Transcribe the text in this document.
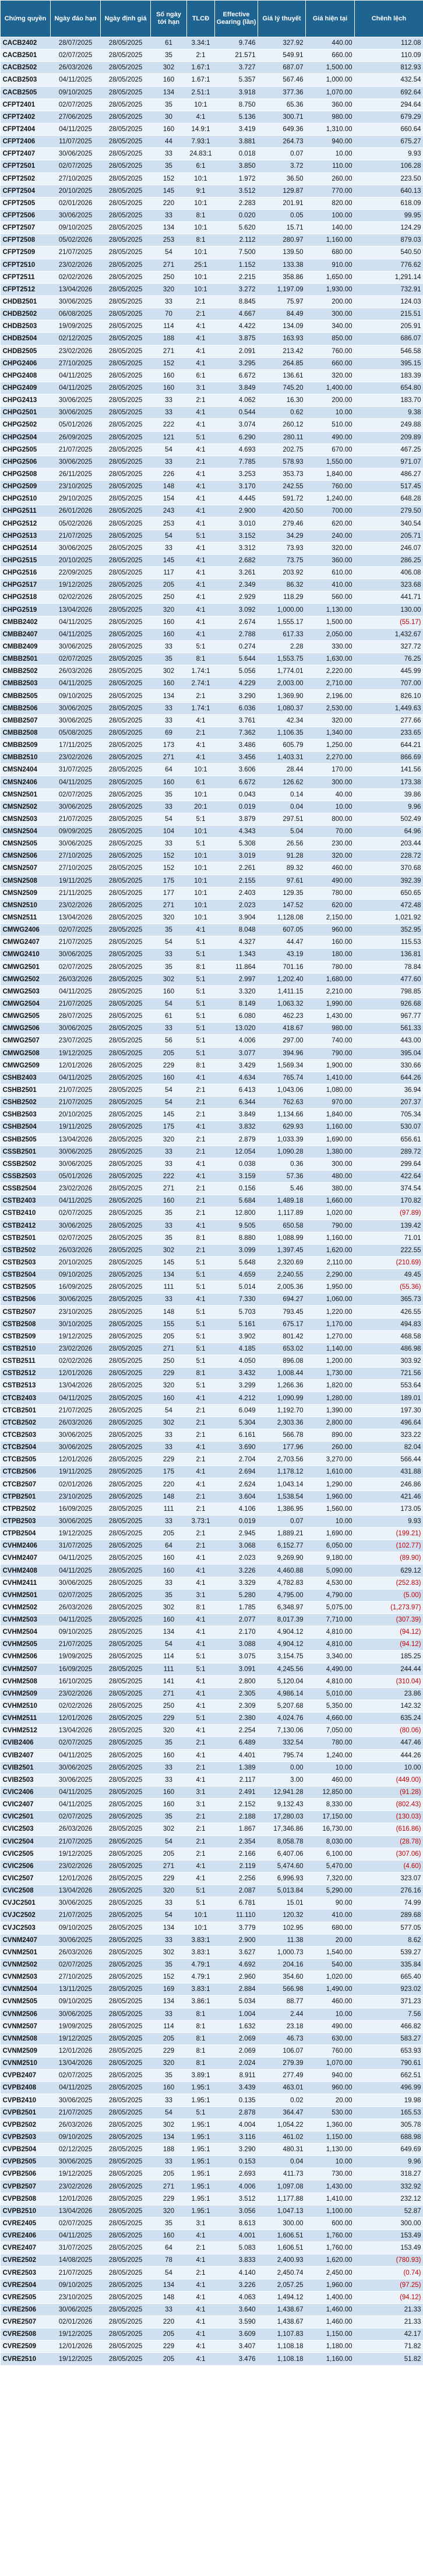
Chứng quyền	Ngày đáo hạn	Ngày định giá	Số ngày tới hạn	TLCĐ	Effective Gearing (lần)	Giá lý thuyết	Giá hiện tại	Chênh lệch
CACB2402	28/07/2025	28/05/2025	61	3.34:1	9.746	327.92	440.00	112.08
CACB2501	02/07/2025	28/05/2025	35	2:1	21.571	549.91	660.00	110.09
CACB2502	26/03/2026	28/05/2025	302	1.67:1	3.727	687.07	1,500.00	812.93
CACB2503	04/11/2025	28/05/2025	160	1.67:1	5.357	567.46	1,000.00	432.54
CACB2505	09/10/2025	28/05/2025	134	2.51:1	3.918	377.36	1,070.00	692.64
CFPT2401	02/07/2025	28/05/2025	35	10:1	8.750	65.36	360.00	294.64
CFPT2402	27/06/2025	28/05/2025	30	4:1	5.136	300.71	980.00	679.29
CFPT2404	04/11/2025	28/05/2025	160	14.9:1	3.419	649.36	1,310.00	660.64
CFPT2406	11/07/2025	28/05/2025	44	7.93:1	3.881	264.73	940.00	675.27
CFPT2407	30/06/2025	28/05/2025	33	24.83:1	0.018	0.07	10.00	9.93
CFPT2501	02/07/2025	28/05/2025	35	6:1	3.850	3.72	110.00	106.28
CFPT2502	27/10/2025	28/05/2025	152	10:1	1.972	36.50	260.00	223.50
CFPT2504	20/10/2025	28/05/2025	145	9:1	3.512	129.87	770.00	640.13
CFPT2505	02/01/2026	28/05/2025	220	10:1	2.283	201.91	820.00	618.09
CFPT2506	30/06/2025	28/05/2025	33	8:1	0.020	0.05	100.00	99.95
CFPT2507	09/10/2025	28/05/2025	134	10:1	5.620	15.71	140.00	124.29
CFPT2508	05/02/2026	28/05/2025	253	8:1	2.112	280.97	1,160.00	879.03
CFPT2509	21/07/2025	28/05/2025	54	10:1	7.500	139.50	680.00	540.50
CFPT2510	23/02/2026	28/05/2025	271	25:1	1.152	133.38	910.00	776.62
CFPT2511	02/02/2026	28/05/2025	250	10:1	2.215	358.86	1,650.00	1,291.14
CFPT2512	13/04/2026	28/05/2025	320	10:1	3.272	1,197.09	1,930.00	732.91
CHDB2501	30/06/2025	28/05/2025	33	2:1	8.845	75.97	200.00	124.03
CHDB2502	06/08/2025	28/05/2025	70	2:1	4.667	84.49	300.00	215.51
CHDB2503	19/09/2025	28/05/2025	114	4:1	4.422	134.09	340.00	205.91
CHDB2504	02/12/2025	28/05/2025	188	4:1	3.875	163.93	850.00	686.07
CHDB2505	23/02/2026	28/05/2025	271	4:1	2.091	213.42	760.00	546.58
CHPG2406	27/10/2025	28/05/2025	152	4:1	3.295	264.85	660.00	395.15
CHPG2408	04/11/2025	28/05/2025	160	6:1	6.672	136.61	320.00	183.39
CHPG2409	04/11/2025	28/05/2025	160	3:1	3.849	745.20	1,400.00	654.80
CHPG2413	30/06/2025	28/05/2025	33	2:1	4.062	16.30	200.00	183.70
CHPG2501	30/06/2025	28/05/2025	33	4:1	0.544	0.62	10.00	9.38
CHPG2502	05/01/2026	28/05/2025	222	4:1	3.074	260.12	510.00	249.88
CHPG2504	26/09/2025	28/05/2025	121	5:1	6.290	280.11	490.00	209.89
CHPG2505	21/07/2025	28/05/2025	54	4:1	4.693	202.75	670.00	467.25
CHPG2506	30/06/2025	28/05/2025	33	2:1	7.785	578.93	1,550.00	971.07
CHPG2508	26/11/2025	28/05/2025	226	4:1	3.253	353.73	1,840.00	486.27
CHPG2509	23/10/2025	28/05/2025	148	4:1	3.170	242.55	760.00	517.45
CHPG2510	29/10/2025	28/05/2025	154	4:1	4.445	591.72	1,240.00	648.28
CHPG2511	26/01/2026	28/05/2025	243	4:1	2.900	420.50	700.00	279.50
CHPG2512	05/02/2026	28/05/2025	253	4:1	3.010	279.46	620.00	340.54
CHPG2513	21/07/2025	28/05/2025	54	5:1	3.152	34.29	240.00	205.71
CHPG2514	30/06/2025	28/05/2025	33	4:1	3.312	73.93	320.00	246.07
CHPG2515	20/10/2025	28/05/2025	145	4:1	2.682	73.75	360.00	286.25
CHPG2516	22/09/2025	28/05/2025	117	4:1	3.261	203.92	610.00	406.08
CHPG2517	19/12/2025	28/05/2025	205	4:1	2.349	86.32	410.00	323.68
CHPG2518	02/02/2026	28/05/2025	250	4:1	2.929	118.29	560.00	441.71
CHPG2519	13/04/2026	28/05/2025	320	4:1	3.092	1,000.00	1,130.00	130.00
CMBB2402	04/11/2025	28/05/2025	160	4:1	2.674	1,555.17	1,500.00	(55.17)
CMBB2407	04/11/2025	28/05/2025	160	4:1	2.788	617.33	2,050.00	1,432.67
CMBB2409	30/06/2025	28/05/2025	33	5:1	0.274	2.28	330.00	327.72
CMBB2501	02/07/2025	28/05/2025	35	8:1	5.644	1,553.75	1,630.00	76.25
CMBB2502	26/03/2026	28/05/2025	302	1.74:1	5.056	1,774.01	2,220.00	445.99
CMBB2503	04/11/2025	28/05/2025	160	2.74:1	4.229	2,003.00	2,710.00	707.00
CMBB2505	09/10/2025	28/05/2025	134	2:1	3.290	1,369.90	2,196.00	826.10
CMBB2506	30/06/2025	28/05/2025	33	1.74:1	6.036	1,080.37	2,530.00	1,449.63
CMBB2507	30/06/2025	28/05/2025	33	4:1	3.761	42.34	320.00	277.66
CMBB2508	05/08/2025	28/05/2025	69	2:1	7.362	1,106.35	1,340.00	233.65
CMBB2509	17/11/2025	28/05/2025	173	4:1	3.486	605.79	1,250.00	644.21
CMBB2510	23/02/2026	28/05/2025	271	4:1	3.456	1,403.31	2,270.00	866.69
CMSN2404	31/07/2025	28/05/2025	64	10:1	3.606	28.44	170.00	141.56
CMSN2406	04/11/2025	28/05/2025	160	6:1	6.672	126.62	300.00	173.38
CMSN2501	02/07/2025	28/05/2025	35	10:1	0.043	0.14	40.00	39.86
CMSN2502	30/06/2025	28/05/2025	33	20:1	0.019	0.04	10.00	9.96
CMSN2503	21/07/2025	28/05/2025	54	5:1	3.879	297.51	800.00	502.49
CMSN2504	09/09/2025	28/05/2025	104	10:1	4.343	5.04	70.00	64.96
CMSN2505	30/06/2025	28/05/2025	33	5:1	5.308	26.56	230.00	203.44
CMSN2506	27/10/2025	28/05/2025	152	10:1	3.019	91.28	320.00	228.72
CMSN2507	27/10/2025	28/05/2025	152	10:1	2.261	89.32	460.00	370.68
CMSN2508	19/11/2025	28/05/2025	175	10:1	2.155	97.61	490.00	392.39
CMSN2509	21/11/2025	28/05/2025	177	10:1	2.403	129.35	780.00	650.65
CMSN2510	23/02/2026	28/05/2025	271	10:1	2.023	147.52	620.00	472.48
CMSN2511	13/04/2026	28/05/2025	320	10:1	3.904	1,128.08	2,150.00	1,021.92
CMWG2406	02/07/2025	28/05/2025	35	4:1	8.048	607.05	960.00	352.95
CMWG2407	21/07/2025	28/05/2025	54	5:1	4.327	44.47	160.00	115.53
CMWG2410	30/06/2025	28/05/2025	33	5:1	1.343	43.19	180.00	136.81
CMWG2501	02/07/2025	28/05/2025	35	8:1	11.864	701.16	780.00	78.84
CMWG2502	26/03/2026	28/05/2025	302	5:1	2.997	1,202.40	1,680.00	477.60
CMWG2503	04/11/2025	28/05/2025	160	5:1	3.320	1,411.15	2,210.00	798.85
CMWG2504	21/07/2025	28/05/2025	54	5:1	8.149	1,063.32	1,990.00	926.68
CMWG2505	28/07/2025	28/05/2025	61	5:1	6.080	462.23	1,430.00	967.77
CMWG2506	30/06/2025	28/05/2025	33	5:1	13.020	418.67	980.00	561.33
CMWG2507	23/07/2025	28/05/2025	56	5:1	4.006	297.00	740.00	443.00
CMWG2508	19/12/2025	28/05/2025	205	5:1	3.077	394.96	790.00	395.04
CMWG2509	12/01/2026	28/05/2025	229	8:1	3.429	1,569.34	1,900.00	330.66
CSHB2403	04/11/2025	28/05/2025	160	4:1	4.634	765.74	1,410.00	644.26
CSHB2501	21/07/2025	28/05/2025	54	2:1	6.413	1,043.06	1,080.00	36.94
CSHB2502	21/07/2025	28/05/2025	54	2:1	6.344	762.63	970.00	207.37
CSHB2503	20/10/2025	28/05/2025	145	2:1	3.849	1,134.66	1,840.00	705.34
CSHB2504	19/11/2025	28/05/2025	175	4:1	3.832	629.93	1,160.00	530.07
CSHB2505	13/04/2026	28/05/2025	320	2:1	2.879	1,033.39	1,690.00	656.61
CSSB2501	30/06/2025	28/05/2025	33	2:1	12.054	1,090.28	1,380.00	289.72
CSSB2502	30/06/2025	28/05/2025	33	4:1	0.038	0.36	300.00	299.64
CSSB2503	05/01/2026	28/05/2025	222	4:1	3.159	57.36	480.00	422.64
CSSB2504	23/02/2026	28/05/2025	271	2:1	0.156	5.46	380.00	374.54
CSTB2403	04/11/2025	28/05/2025	160	2:1	5.684	1,489.18	1,660.00	170.82
CSTB2410	02/07/2025	28/05/2025	35	2:1	12.800	1,117.89	1,020.00	(97.89)
CSTB2412	30/06/2025	28/05/2025	33	4:1	9.505	650.58	790.00	139.42
CSTB2501	02/07/2025	28/05/2025	35	8:1	8.880	1,088.99	1,160.00	71.01
CSTB2502	26/03/2026	28/05/2025	302	2:1	3.099	1,397.45	1,620.00	222.55
CSTB2503	20/10/2025	28/05/2025	145	5:1	5.648	2,320.69	2,110.00	(210.69)
CSTB2504	09/10/2025	28/05/2025	134	5:1	4.659	2,240.55	2,290.00	49.45
CSTB2505	16/09/2025	28/05/2025	111	5:1	5.014	2,005.36	1,950.00	(55.36)
CSTB2506	30/06/2025	28/05/2025	33	4:1	7.330	694.27	1,060.00	365.73
CSTB2507	23/10/2025	28/05/2025	148	5:1	5.703	793.45	1,220.00	426.55
CSTB2508	30/10/2025	28/05/2025	155	5:1	5.161	675.17	1,170.00	494.83
CSTB2509	19/12/2025	28/05/2025	205	5:1	3.902	801.42	1,270.00	468.58
CSTB2510	23/02/2026	28/05/2025	271	5:1	4.185	653.02	1,140.00	486.98
CSTB2511	02/02/2026	28/05/2025	250	5:1	4.050	896.08	1,200.00	303.92
CSTB2512	12/01/2026	28/05/2025	229	8:1	3.432	1,008.44	1,730.00	721.56
CSTB2513	13/04/2026	28/05/2025	320	5:1	3.299	1,266.36	1,820.00	553.64
CTCB2403	04/11/2025	28/05/2025	160	4:1	4.212	1,090.99	1,280.00	189.01
CTCB2501	21/07/2025	28/05/2025	54	2:1	6.049	1,192.70	1,390.00	197.30
CTCB2502	26/03/2026	28/05/2025	302	2:1	5.304	2,303.36	2,800.00	496.64
CTCB2503	30/06/2025	28/05/2025	33	2:1	6.161	566.78	890.00	323.22
CTCB2504	30/06/2025	28/05/2025	33	4:1	3.690	177.96	260.00	82.04
CTCB2505	12/01/2026	28/05/2025	229	2:1	2.704	2,703.56	3,270.00	566.44
CTCB2506	19/11/2025	28/05/2025	175	4:1	2.694	1,178.12	1,610.00	431.88
CTCB2507	02/01/2026	28/05/2025	220	4:1	2.624	1,043.14	1,290.00	246.86
CTPB2501	23/10/2025	28/05/2025	148	2:1	3.604	1,538.54	1,960.00	421.46
CTPB2502	16/09/2025	28/05/2025	111	2:1	4.106	1,386.95	1,560.00	173.05
CTPB2503	30/06/2025	28/05/2025	33	3.73:1	0.019	0.07	10.00	9.93
CTPB2504	19/12/2025	28/05/2025	205	2:1	2.945	1,889.21	1,690.00	(199.21)
CVHM2406	31/07/2025	28/05/2025	64	2:1	3.068	6,152.77	6,050.00	(102.77)
CVHM2407	04/11/2025	28/05/2025	160	4:1	2.023	9,269.90	9,180.00	(89.90)
CVHM2408	04/11/2025	28/05/2025	160	4:1	3.226	4,460.88	5,090.00	629.12
CVHM2411	30/06/2025	28/05/2025	33	4:1	3.329	4,782.83	4,530.00	(252.83)
CVHM2501	02/07/2025	28/05/2025	35	3:1	5.280	4,795.00	4,790.00	(5.00)
CVHM2502	26/03/2026	28/05/2025	302	8:1	1.785	6,348.97	5,075.00	(1,273.97)
CVHM2503	04/11/2025	28/05/2025	160	4:1	2.077	8,017.39	7,710.00	(307.39)
CVHM2504	09/10/2025	28/05/2025	134	4:1	2.170	4,904.12	4,810.00	(94.12)
CVHM2505	21/07/2025	28/05/2025	54	4:1	3.088	4,904.12	4,810.00	(94.12)
CVHM2506	19/09/2025	28/05/2025	114	5:1	3.075	3,154.75	3,340.00	185.25
CVHM2507	16/09/2025	28/05/2025	111	5:1	3.091	4,245.56	4,490.00	244.44
CVHM2508	16/10/2025	28/05/2025	141	4:1	2.800	5,120.04	4,810.00	(310.04)
CVHM2509	23/02/2026	28/05/2025	271	4:1	2.305	4,986.14	5,010.00	23.86
CVHM2510	02/02/2026	28/05/2025	250	4:1	2.309	5,207.68	5,350.00	142.32
CVHM2511	12/01/2026	28/05/2025	229	5:1	2.380	4,024.76	4,660.00	635.24
CVHM2512	13/04/2026	28/05/2025	320	4:1	2.254	7,130.06	7,050.00	(80.06)
CVIB2406	02/07/2025	28/05/2025	35	2:1	6.489	332.54	780.00	447.46
CVIB2407	04/11/2025	28/05/2025	160	4:1	4.401	795.74	1,240.00	444.26
CVIB2501	30/06/2025	28/05/2025	33	2:1	1.389	0.00	10.00	10.00
CVIB2503	30/06/2025	28/05/2025	33	4:1	2.117	3.00	460.00	(449.00)
CVIC2406	04/11/2025	28/05/2025	160	3:1	2.491	12,941.28	12,850.00	(91.28)
CVIC2407	04/11/2025	28/05/2025	160	3:1	2.152	9,132.43	8,330.00	(802.43)
CVIC2501	02/07/2025	28/05/2025	35	2:1	2.188	17,280.03	17,150.00	(130.03)
CVIC2503	26/03/2026	28/05/2025	302	2:1	1.867	17,346.86	16,730.00	(616.86)
CVIC2504	21/07/2025	28/05/2025	54	2:1	2.354	8,058.78	8,030.00	(28.78)
CVIC2505	19/12/2025	28/05/2025	205	2:1	2.166	6,407.06	6,100.00	(307.06)
CVIC2506	23/02/2026	28/05/2025	271	4:1	2.119	5,474.60	5,470.00	(4.60)
CVIC2507	12/01/2026	28/05/2025	229	4:1	2.256	6,996.93	7,320.00	323.07
CVIC2508	13/04/2026	28/05/2025	320	5:1	2.087	5,013.84	5,290.00	276.16
CVJC2501	30/06/2025	28/05/2025	33	5:1	6.781	15.01	90.00	74.99
CVJC2502	21/07/2025	28/05/2025	54	10:1	11.110	120.32	410.00	289.68
CVJC2503	09/10/2025	28/05/2025	134	10:1	3.779	102.95	680.00	577.05
CVNM2407	30/06/2025	28/05/2025	33	3.83:1	2.900	11.38	20.00	8.62
CVNM2501	26/03/2026	28/05/2025	302	3.83:1	3.627	1,000.73	1,540.00	539.27
CVNM2502	02/07/2025	28/05/2025	35	4.79:1	4.692	204.16	540.00	335.84
CVNM2503	27/10/2025	28/05/2025	152	4.79:1	2.960	354.60	1,020.00	665.40
CVNM2504	13/11/2025	28/05/2025	169	3.83:1	2.884	566.98	1,490.00	923.02
CVNM2505	09/10/2025	28/05/2025	134	3.86:1	5.034	88.77	460.00	371.23
CVNM2506	30/06/2025	28/05/2025	33	8:1	1.004	2.44	10.00	7.56
CVNM2507	19/09/2025	28/05/2025	114	8:1	1.632	23.18	490.00	466.82
CVNM2508	19/12/2025	28/05/2025	205	8:1	2.069	46.73	630.00	583.27
CVNM2509	12/01/2026	28/05/2025	229	8:1	2.069	106.07	760.00	653.93
CVNM2510	13/04/2026	28/05/2025	320	8:1	2.024	279.39	1,070.00	790.61
CVPB2407	02/07/2025	28/05/2025	35	3.89:1	8.911	277.49	940.00	662.51
CVPB2408	04/11/2025	28/05/2025	160	1.95:1	3.439	463.01	960.00	496.99
CVPB2410	30/06/2025	28/05/2025	33	1.95:1	0.135	0.02	20.00	19.98
CVPB2501	21/07/2025	28/05/2025	54	5:1	2.878	364.47	530.00	165.53
CVPB2502	26/03/2026	28/05/2025	302	1.95:1	4.004	1,054.22	1,360.00	305.78
CVPB2503	09/10/2025	28/05/2025	134	1.95:1	3.116	461.02	1,150.00	688.98
CVPB2504	02/12/2025	28/05/2025	188	1.95:1	3.290	480.31	1,130.00	649.69
CVPB2505	30/06/2025	28/05/2025	33	1.95:1	0.153	0.04	10.00	9.96
CVPB2506	19/12/2025	28/05/2025	205	1.95:1	2.693	411.73	730.00	318.27
CVPB2507	23/02/2026	28/05/2025	271	1.95:1	4.006	1,097.08	1,430.00	332.92
CVPB2508	12/01/2026	28/05/2025	229	1.95:1	3.512	1,177.88	1,410.00	232.12
CVPB2510	13/04/2026	28/05/2025	320	1.95:1	3.056	1,047.13	1,100.00	52.87
CVRE2405	02/07/2025	28/05/2025	35	3:1	8.613	300.00	600.00	300.00
CVRE2406	04/11/2025	28/05/2025	160	4:1	4.001	1,606.51	1,760.00	153.49
CVRE2407	31/07/2025	28/05/2025	64	2:1	5.083	1,606.51	1,760.00	153.49
CVRE2502	14/08/2025	28/05/2025	78	4:1	3.833	2,400.93	1,620.00	(780.93)
CVRE2503	21/07/2025	28/05/2025	54	2:1	4.140	2,450.74	2,450.00	(0.74)
CVRE2504	09/10/2025	28/05/2025	134	4:1	3.226	2,057.25	1,960.00	(97.25)
CVRE2505	23/10/2025	28/05/2025	148	4:1	4.063	1,494.12	1,400.00	(94.12)
CVRE2506	30/06/2025	28/05/2025	33	4:1	3.640	1,438.67	1,460.00	21.33
CVRE2507	02/01/2026	28/05/2025	220	4:1	3.590	1,438.67	1,460.00	21.33
CVRE2508	19/12/2025	28/05/2025	205	4:1	3.609	1,107.83	1,150.00	42.17
CVRE2509	12/01/2026	28/05/2025	229	4:1	3.407	1,108.18	1,180.00	71.82
CVRE2510	19/12/2025	28/05/2025	205	4:1	3.476	1,108.18	1,160.00	51.82
